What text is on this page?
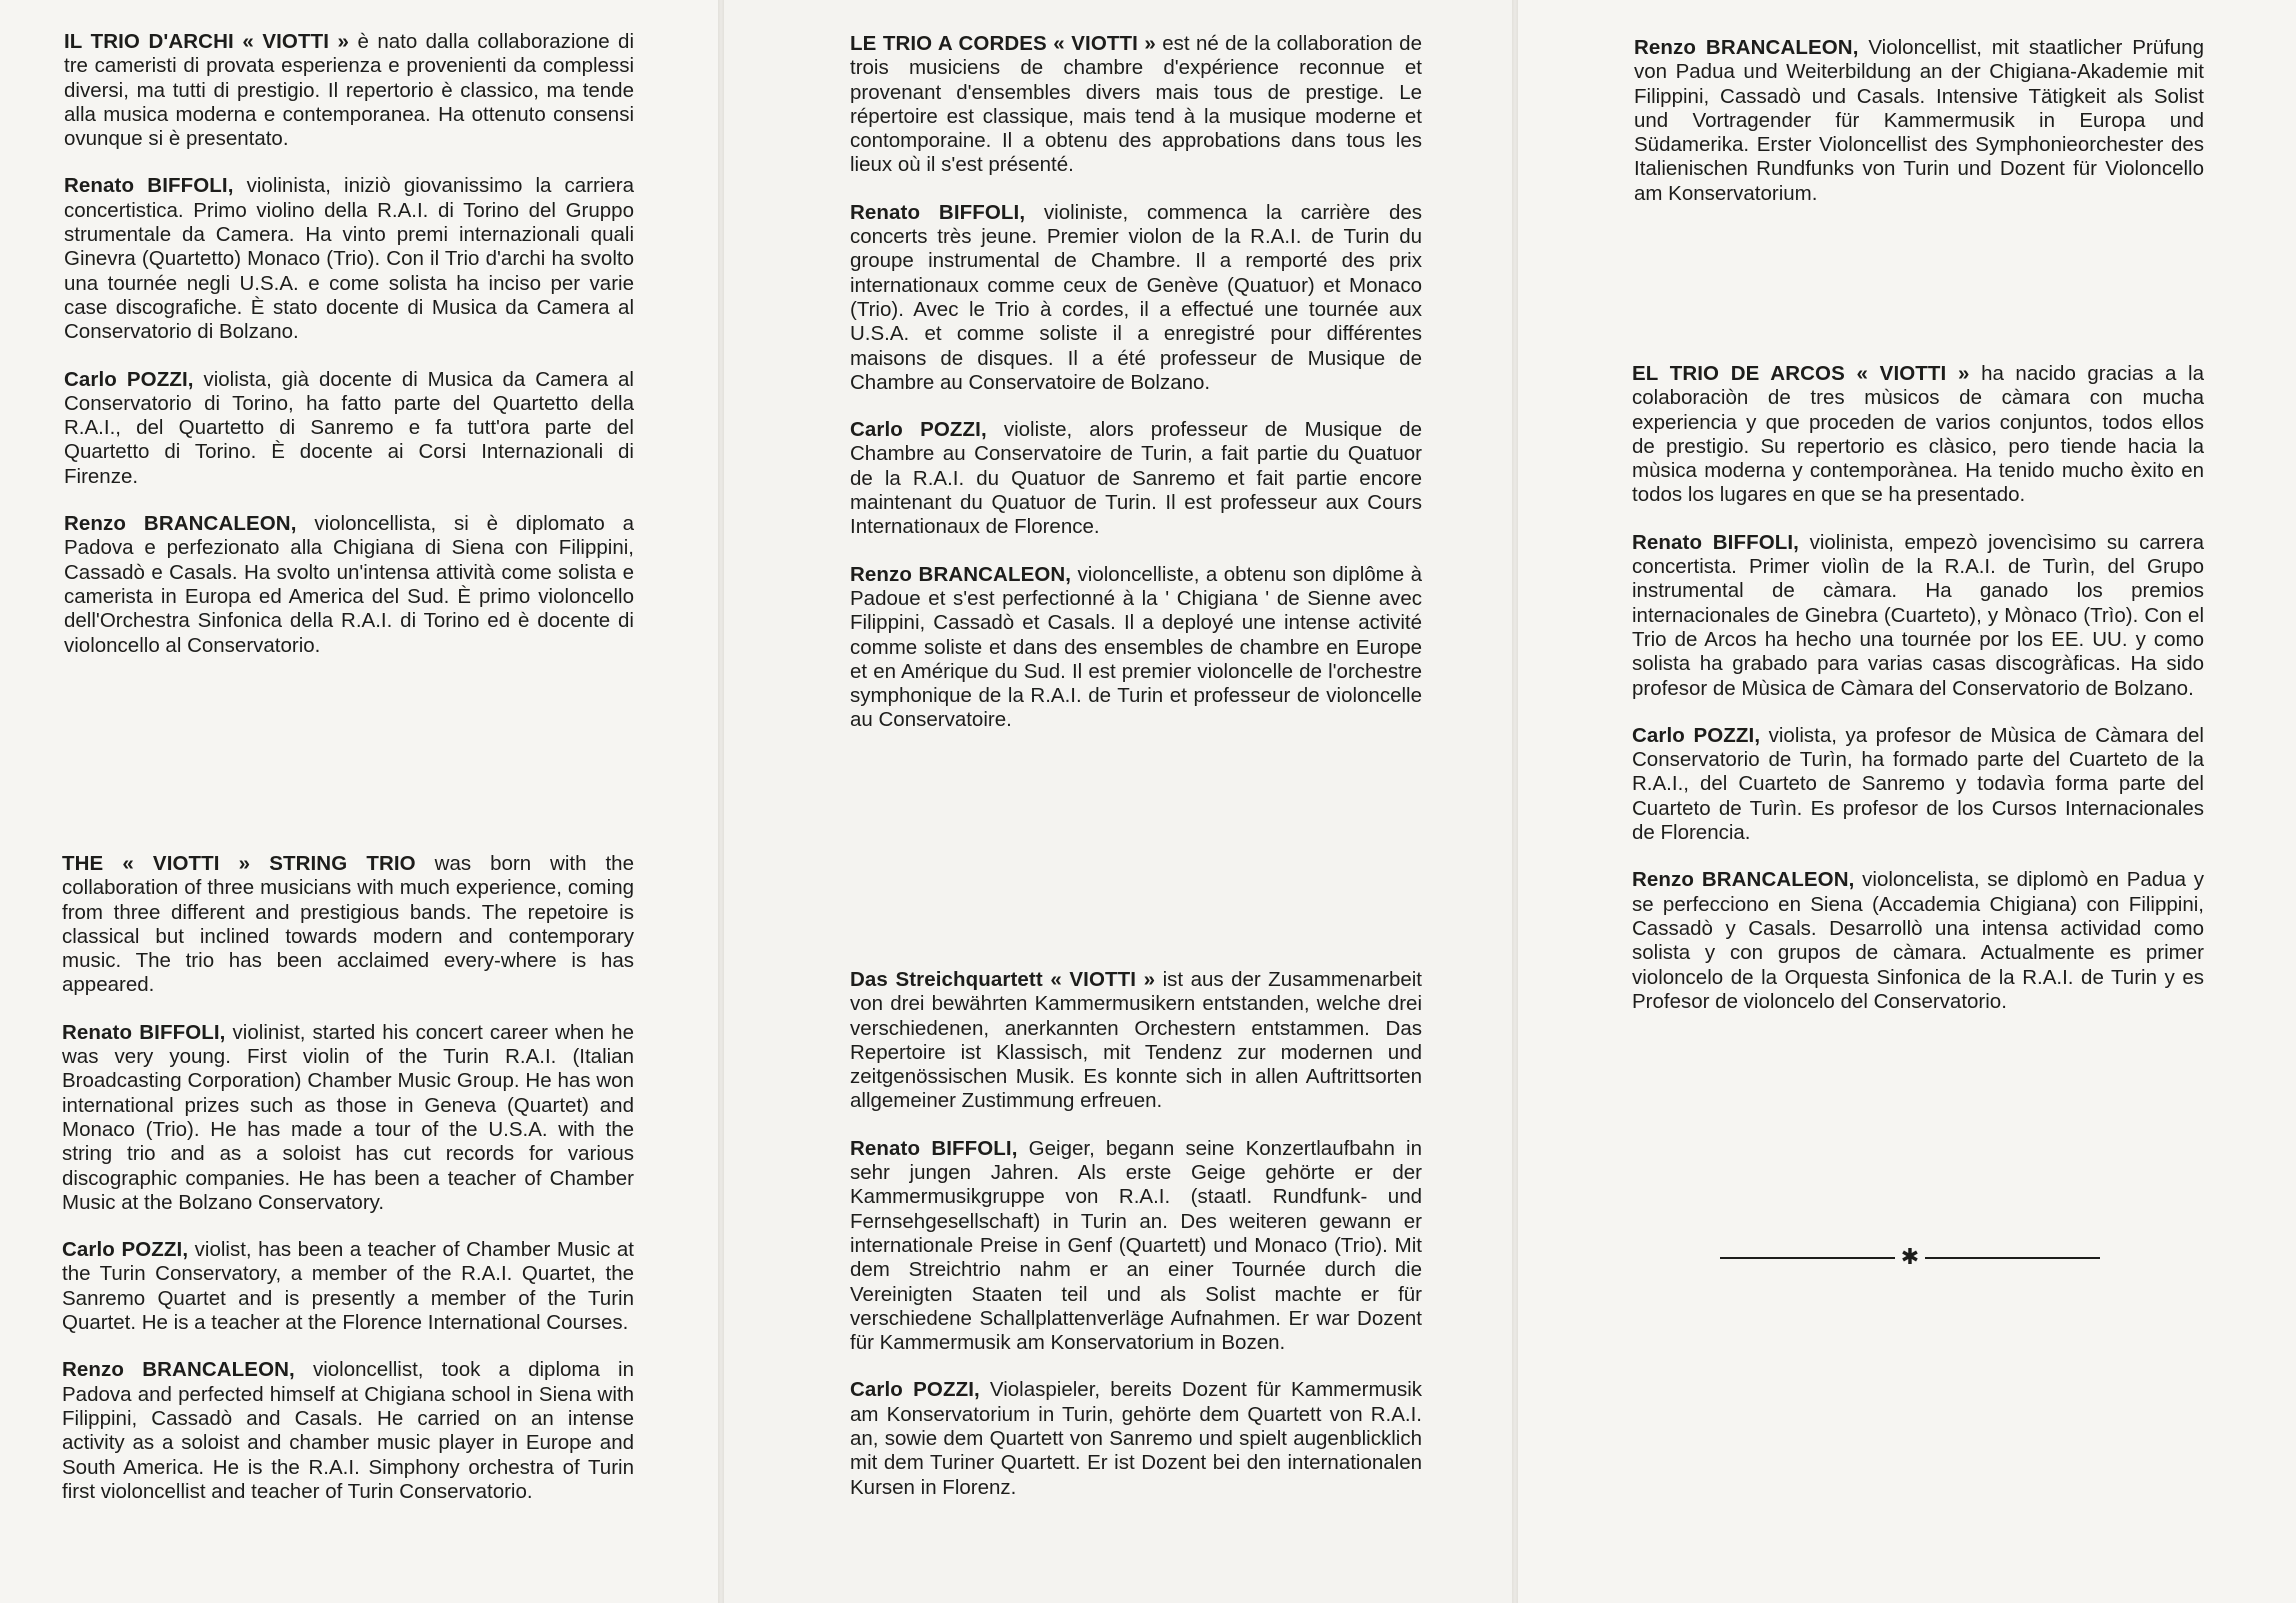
IL TRIO D'ARCHI « VIOTTI » è nato dalla collaborazione di tre cameristi di provata esperienza e provenienti da complessi diversi, ma tutti di prestigio. Il repertorio è classico, ma tende alla musica moderna e contemporanea. Ha ottenuto consensi ovunque si è presentato.

Renato BIFFOLI, violinista, iniziò giovanissimo la carriera concertistica. Primo violino della R.A.I. di Torino del Gruppo strumentale da Camera. Ha vinto premi internazionali quali Ginevra (Quartetto) Monaco (Trio). Con il Trio d'archi ha svolto una tournée negli U.S.A. e come solista ha inciso per varie case discografiche. È stato docente di Musica da Camera al Conservatorio di Bolzano.

Carlo POZZI, violista, già docente di Musica da Camera al Conservatorio di Torino, ha fatto parte del Quartetto della R.A.I., del Quartetto di Sanremo e fa tutt'ora parte del Quartetto di Torino. È docente ai Corsi Internazionali di Firenze.

Renzo BRANCALEON, violoncellista, si è diplomato a Padova e perfezionato alla Chigiana di Siena con Filippini, Cassadò e Casals. Ha svolto un'intensa attività come solista e camerista in Europa ed America del Sud. È primo violoncello dell'Orchestra Sinfonica della R.A.I. di Torino ed è docente di violoncello al Conservatorio.

THE « VIOTTI » STRING TRIO was born with the collaboration of three musicians with much experience, coming from three different and prestigious bands. The repetoire is classical but inclined towards modern and contemporary music. The trio has been acclaimed every-where is has appeared.

Renato BIFFOLI, violinist, started his concert career when he was very young. First violin of the Turin R.A.I. (Italian Broadcasting Corporation) Chamber Music Group. He has won international prizes such as those in Geneva (Quartet) and Monaco (Trio). He has made a tour of the U.S.A. with the string trio and as a soloist has cut records for various discographic companies. He has been a teacher of Chamber Music at the Bolzano Conservatory.

Carlo POZZI, violist, has been a teacher of Chamber Music at the Turin Conservatory, a member of the R.A.I. Quartet, the Sanremo Quartet and is presently a member of the Turin Quartet. He is a teacher at the Florence International Courses.

Renzo BRANCALEON, violoncellist, took a diploma in Padova and perfected himself at Chigiana school in Siena with Filippini, Cassadò and Casals. He carried on an intense activity as a soloist and chamber music player in Europe and South America. He is the R.A.I. Simphony orchestra of Turin first violoncellist and teacher of Turin Conservatorio.

LE TRIO A CORDES « VIOTTI » est né de la collaboration de trois musiciens de chambre d'expérience reconnue et provenant d'ensembles divers mais tous de prestige. Le répertoire est classique, mais tend à la musique moderne et contomporaine. Il a obtenu des approbations dans tous les lieux où il s'est présenté.

Renato BIFFOLI, violiniste, commenca la carrière des concerts très jeune. Premier violon de la R.A.I. de Turin du groupe instrumental de Chambre. Il a remporté des prix internationaux comme ceux de Genève (Quatuor) et Monaco (Trio). Avec le Trio à cordes, il a effectué une tournée aux U.S.A. et comme soliste il a enregistré pour différentes maisons de disques. Il a été professeur de Musique de Chambre au Conservatoire de Bolzano.

Carlo POZZI, violiste, alors professeur de Musique de Chambre au Conservatoire de Turin, a fait partie du Quatuor de la R.A.I. du Quatuor de Sanremo et fait partie encore maintenant du Quatuor de Turin. Il est professeur aux Cours Internationaux de Florence.

Renzo BRANCALEON, violoncelliste, a obtenu son diplôme à Padoue et s'est perfectionné à la ' Chigiana ' de Sienne avec Filippini, Cassadò et Casals. Il a deployé une intense activité comme soliste et dans des ensembles de chambre en Europe et en Amérique du Sud. Il est premier violoncelle de l'orchestre symphonique de la R.A.I. de Turin et professeur de violoncelle au Conservatoire.

Das Streichquartett « VIOTTI » ist aus der Zusammenarbeit von drei bewährten Kammermusikern entstanden, welche drei verschiedenen, anerkannten Orchestern entstammen. Das Repertoire ist Klassisch, mit Tendenz zur modernen und zeitgenössischen Musik. Es konnte sich in allen Auftrittsorten allgemeiner Zustimmung erfreuen.

Renato BIFFOLI, Geiger, begann seine Konzertlaufbahn in sehr jungen Jahren. Als erste Geige gehörte er der Kammermusikgruppe von R.A.I. (staatl. Rundfunk- und Fernsehgesellschaft) in Turin an. Des weiteren gewann er internationale Preise in Genf (Quartett) und Monaco (Trio). Mit dem Streichtrio nahm er an einer Tournée durch die Vereinigten Staaten teil und als Solist machte er für verschiedene Schallplattenverläge Aufnahmen. Er war Dozent für Kammermusik am Konservatorium in Bozen.

Carlo POZZI, Violaspieler, bereits Dozent für Kammermusik am Konservatorium in Turin, gehörte dem Quartett von R.A.I. an, sowie dem Quartett von Sanremo und spielt augenblicklich mit dem Turiner Quartett. Er ist Dozent bei den internationalen Kursen in Florenz.

Renzo BRANCALEON, Violoncellist, mit staatlicher Prüfung von Padua und Weiterbildung an der Chigiana-Akademie mit Filippini, Cassadò und Casals. Intensive Tätigkeit als Solist und Vortragender für Kammermusik in Europa und Südamerika. Erster Violoncellist des Symphonieorchester des Italienischen Rundfunks von Turin und Dozent für Violoncello am Konservatorium.

EL TRIO DE ARCOS « VIOTTI » ha nacido gracias a la colaboraciòn de tres mùsicos de càmara con mucha experiencia y que proceden de varios conjuntos, todos ellos de prestigio. Su repertorio es clàsico, pero tiende hacia la mùsica moderna y contemporànea. Ha tenido mucho èxito en todos los lugares en que se ha presentado.

Renato BIFFOLI, violinista, empezò jovencìsimo su carrera concertista. Primer violìn de la R.A.I. de Turìn, del Grupo instrumental de càmara. Ha ganado los premios internacionales de Ginebra (Cuarteto), y Mònaco (Trìo). Con el Trio de Arcos ha hecho una tournée por los EE. UU. y como solista ha grabado para varias casas discogràficas. Ha sido profesor de Mùsica de Càmara del Conservatorio de Bolzano.

Carlo POZZI, violista, ya profesor de Mùsica de Càmara del Conservatorio de Turìn, ha formado parte del Cuarteto de la R.A.I., del Cuarteto de Sanremo y todavìa forma parte del Cuarteto de Turìn. Es profesor de los Cursos Internacionales de Florencia.

Renzo BRANCALEON, violoncelista, se diplomò en Padua y se perfecciono en Siena (Accademia Chigiana) con Filippini, Cassadò y Casals. Desarrollò una intensa actividad como solista y con grupos de càmara. Actualmente es primer violoncelo de la Orquesta Sinfonica de la R.A.I. de Turin y es Profesor de violoncelo del Conservatorio.

✱
